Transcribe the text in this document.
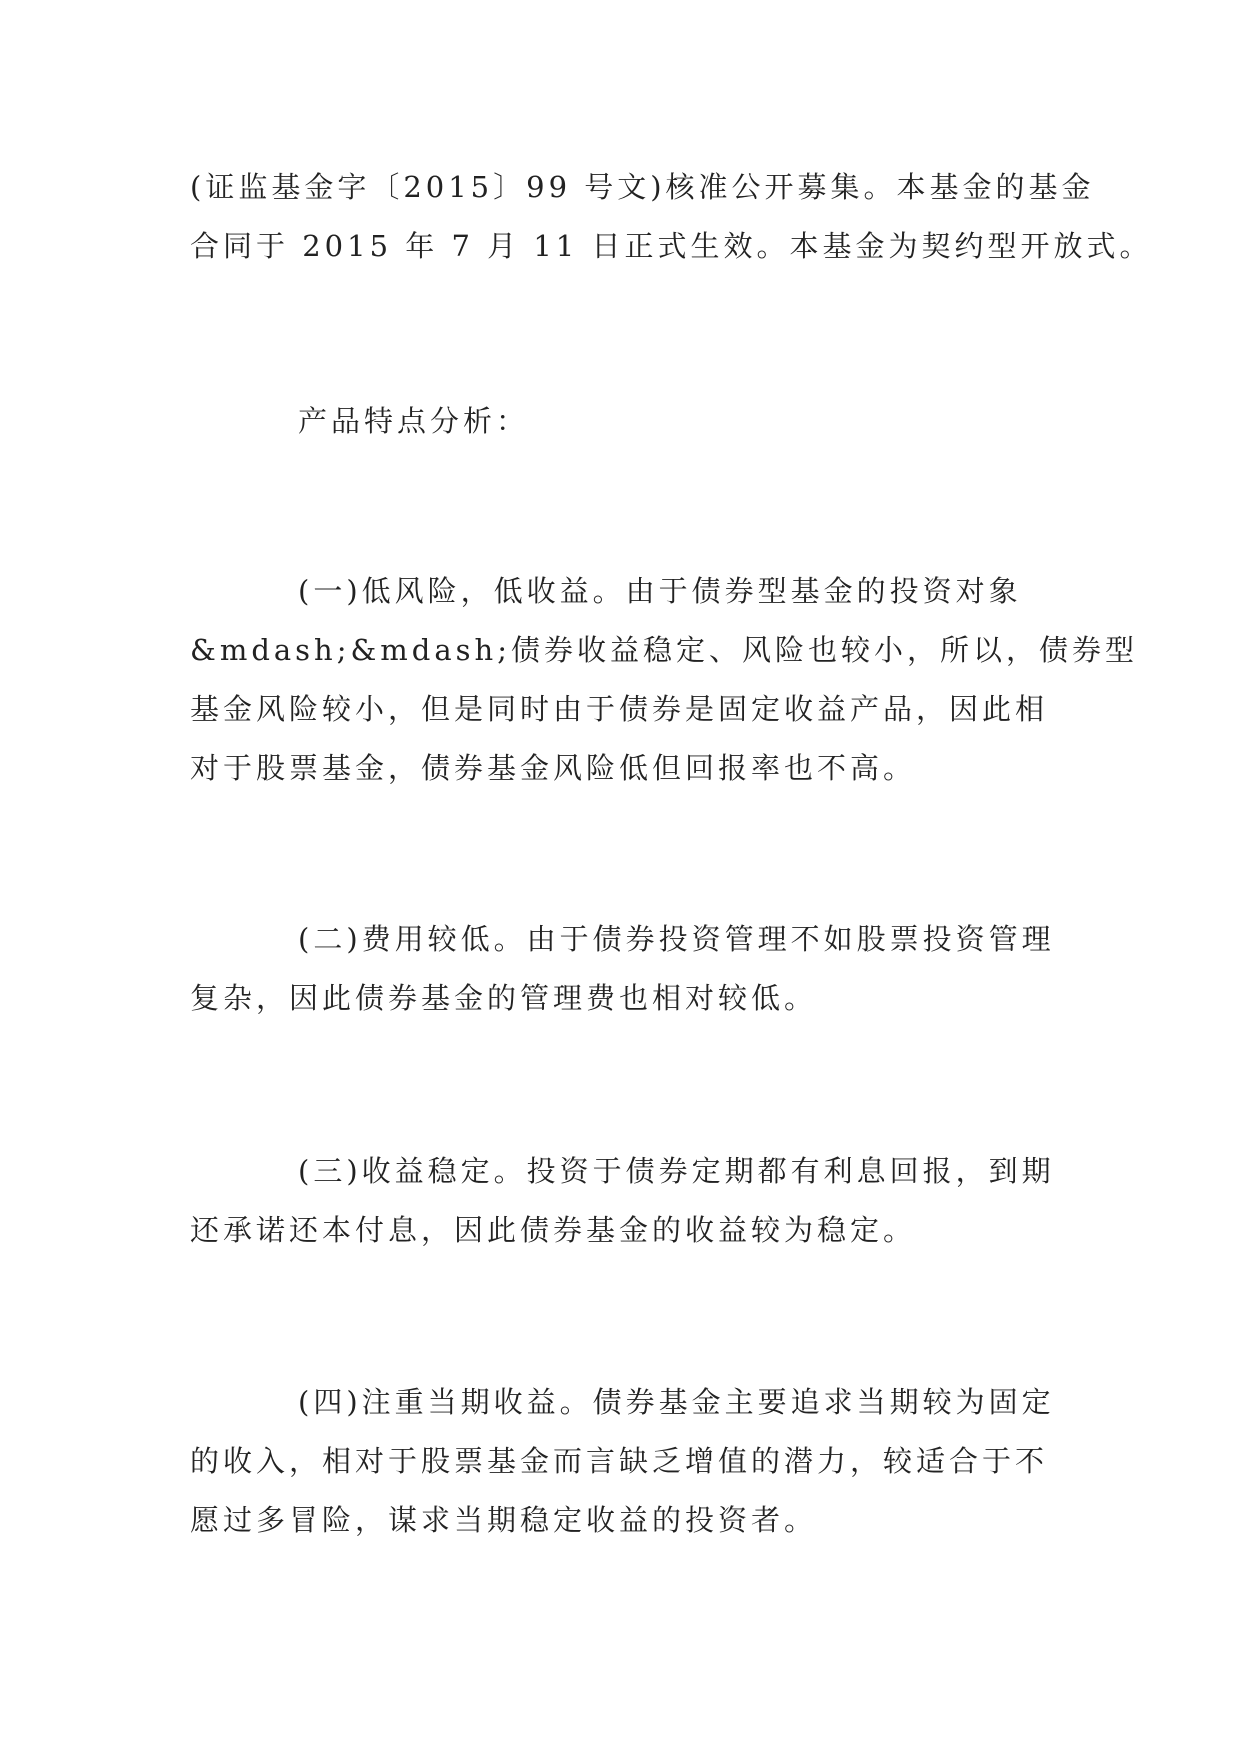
(证监基金字〔2015〕99 号文)核准公开募集。本基金的基金
合同于 2015 年 7 月 11 日正式生效。本基金为契约型开放式。

产品特点分析：

(一)低风险，低收益。由于债券型基金的投资对象
&mdash;&mdash;债券收益稳定、风险也较小，所以，债券型
基金风险较小，但是同时由于债券是固定收益产品，因此相
对于股票基金，债券基金风险低但回报率也不高。

(二)费用较低。由于债券投资管理不如股票投资管理
复杂，因此债券基金的管理费也相对较低。

(三)收益稳定。投资于债券定期都有利息回报，到期
还承诺还本付息，因此债券基金的收益较为稳定。

(四)注重当期收益。债券基金主要追求当期较为固定
的收入，相对于股票基金而言缺乏增值的潜力，较适合于不
愿过多冒险，谋求当期稳定收益的投资者。
